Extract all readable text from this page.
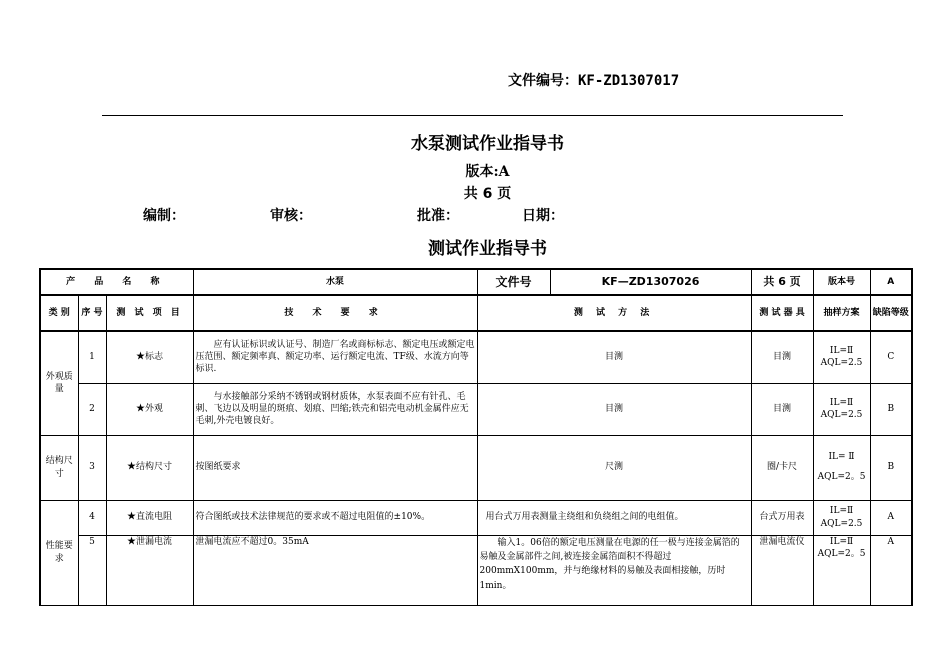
文件编号：KF-ZD1307017
水泵测试作业指导书
版本:A
共 6 页
编制：	审核：	批准：	日期：
测试作业指导书
产 品 名 称			水泵	文件号 KF—ZD1307026	共 6 页	版本号	A
类 别	序 号	测 试 项 目	技 术 要 求	测 试 方 法	测 试 器 具	抽样方案	缺陷等级
外观质量	1	★标志	应有认证标识或认证号、制造厂名或商标标志、额定电压或额定电压范围、额定频率真、额定功率、运行额定电流、TF级、水流方向等标识.	目测	目测	IL=Ⅱ AQL=2.5	C
	2	★外观	与水接触部分采纳不锈钢或钢材质体，水泵表面不应有针孔、毛刺、飞边以及明显的斑痕、划痕、凹缩;铁壳和铝壳电动机金属件应无毛刺,外壳电镀良好。	目测	目测	IL=Ⅱ AQL=2.5	B
结构尺寸	3	★结构尺寸	按图纸要求	尺测	圈/卡尺	IL= Ⅱ AQL=2。5	B
性能要求	4	★直流电阻	符合图纸或技术法律规范的要求或不超过电阻值的±10%。	用台式万用表测量主绕组和负绕组之间的电组值。	台式万用表	IL=Ⅱ AQL=2.5	A
	5	★泄漏电流	泄漏电流应不超过0。35mA	输入1。06倍的额定电压测量在电源的任一极与连接金属箔的易触及金属部件之间,被连接金属箔面积不得超过200mmX100mm，并与绝缘材料的易触及表面相接触，历时1min。	泄漏电流仪	IL=Ⅱ AQL=2。5	A
